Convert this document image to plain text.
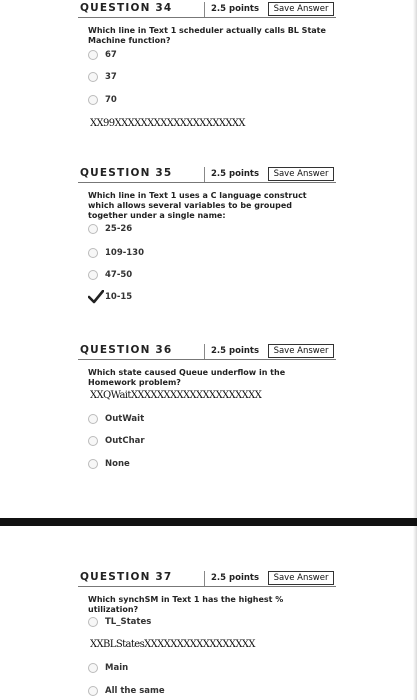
QUESTION 34	2.5 points	Save Answer
Which line in Text 1 scheduler actually calls BL State
Machine function?
67
37
70
XX99XXXXXXXXXXXXXXXXXXXX
QUESTION 35	2.5 points	Save Answer
Which line in Text 1 uses a C language construct
which allows several variables to be grouped
together under a single name:
25-26
109-130
47-50
10-15
QUESTION 36	2.5 points	Save Answer
Which state caused Queue underflow in the
Homework problem?
XXQWaitXXXXXXXXXXXXXXXXXXXX
OutWait
OutChar
None
QUESTION 37	2.5 points	Save Answer
Which synchSM in Text 1 has the highest %
utilization?
TL_States
XXBLStatesXXXXXXXXXXXXXXXXX
Main
All the same
